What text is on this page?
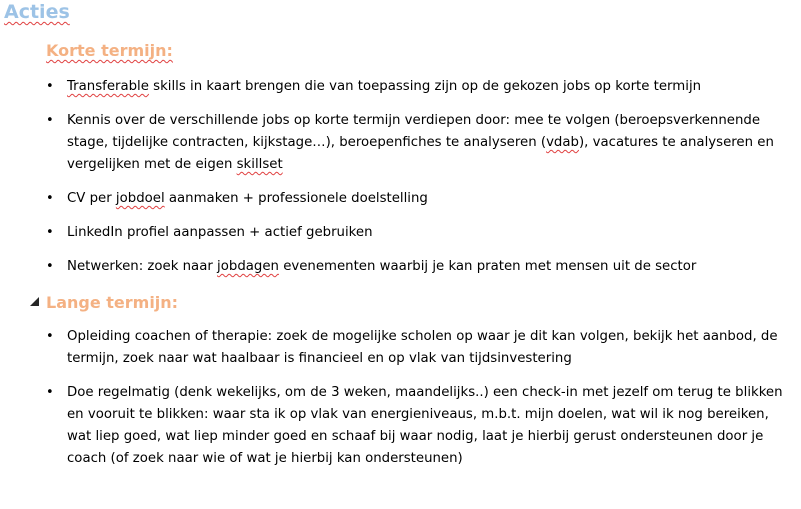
Acties
Korte termijn:
• Transferable skills in kaart brengen die van toepassing zijn op de gekozen jobs op korte termijn
• Kennis over de verschillende jobs op korte termijn verdiepen door: mee te volgen (beroepsverkennende stage, tijdelijke contracten, kijkstage…), beroepenfiches te analyseren (vdab), vacatures te analyseren en vergelijken met de eigen skillset
• CV per jobdoel aanmaken + professionele doelstelling
• LinkedIn profiel aanpassen + actief gebruiken
• Netwerken: zoek naar jobdagen evenementen waarbij je kan praten met mensen uit de sector
Lange termijn:
• Opleiding coachen of therapie: zoek de mogelijke scholen op waar je dit kan volgen, bekijk het aanbod, de termijn, zoek naar wat haalbaar is financieel en op vlak van tijdsinvestering
• Doe regelmatig (denk wekelijks, om de 3 weken, maandelijks..) een check-in met jezelf om terug te blikken en vooruit te blikken: waar sta ik op vlak van energieniveaus, m.b.t. mijn doelen, wat wil ik nog bereiken, wat liep goed, wat liep minder goed en schaaf bij waar nodig, laat je hierbij gerust ondersteunen door je coach (of zoek naar wie of wat je hierbij kan ondersteunen)
